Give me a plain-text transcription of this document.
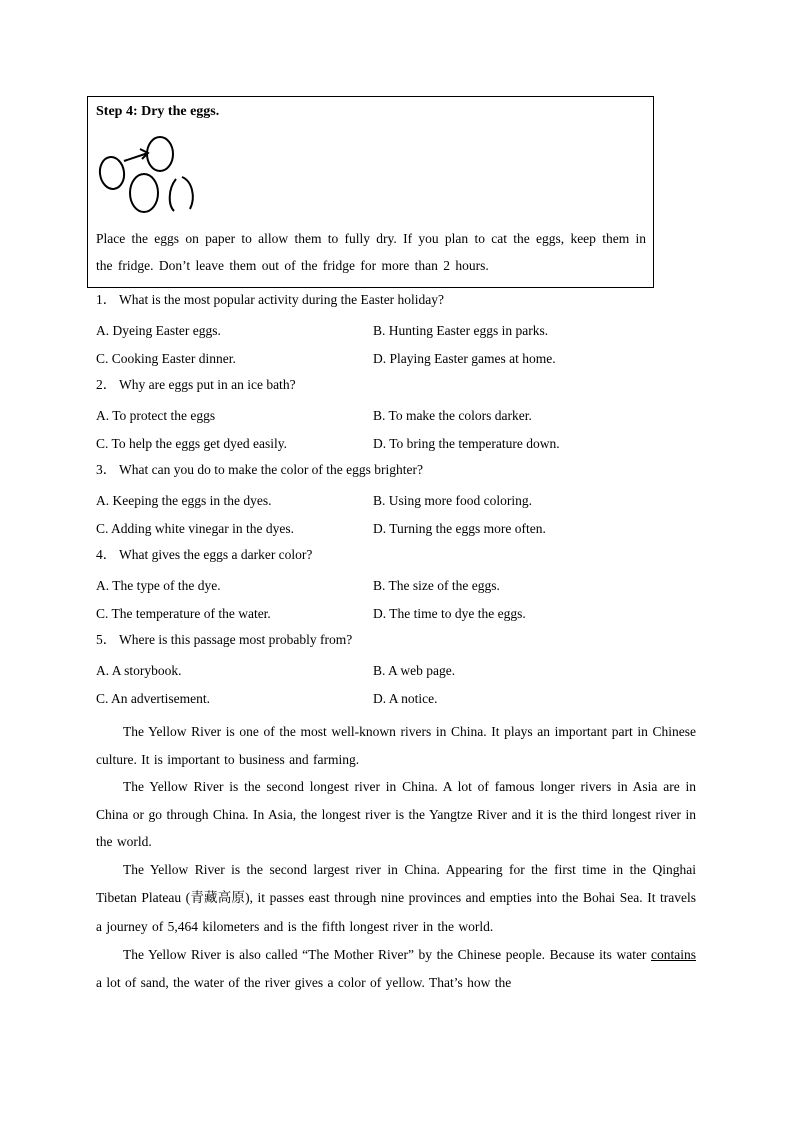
Step 4: Dry the eggs.
Place the eggs on paper to allow them to fully dry. If you plan to cat the eggs, keep them in the fridge. Don’t leave them out of the fridge for more than 2 hours.
1． What is the most popular activity during the Easter holiday?
A. Dyeing Easter eggs.	B. Hunting Easter eggs in parks.
C. Cooking Easter dinner.	D. Playing Easter games at home.
2． Why are eggs put in an ice bath?
A. To protect the eggs	B. To make the colors darker.
C. To help the eggs get dyed easily.	D. To bring the temperature down.
3． What can you do to make the color of the eggs brighter?
A. Keeping the eggs in the dyes.	B. Using more food coloring.
C. Adding white vinegar in the dyes.	D. Turning the eggs more often.
4． What gives the eggs a darker color?
A. The type of the dye.	B. The size of the eggs.
C. The temperature of the water.	D. The time to dye the eggs.
5． Where is this passage most probably from?
A. A storybook.	B. A web page.
C. An advertisement.	D. A notice.

The Yellow River is one of the most well-known rivers in China. It plays an important part in Chinese culture. It is important to business and farming.

The Yellow River is the second longest river in China. A lot of famous longer rivers in Asia are in China or go through China. In Asia, the longest river is the Yangtze River and it is the third longest river in the world.

The Yellow River is the second largest river in China. Appearing for the first time in the Qinghai Tibetan Plateau (青藏高原), it passes east through nine provinces and empties into the Bohai Sea. It travels a journey of 5,464 kilometers and is the fifth longest river in the world.

The Yellow River is also called “The Mother River” by the Chinese people. Because its water contains a lot of sand, the water of the river gives a color of yellow. That’s how the
